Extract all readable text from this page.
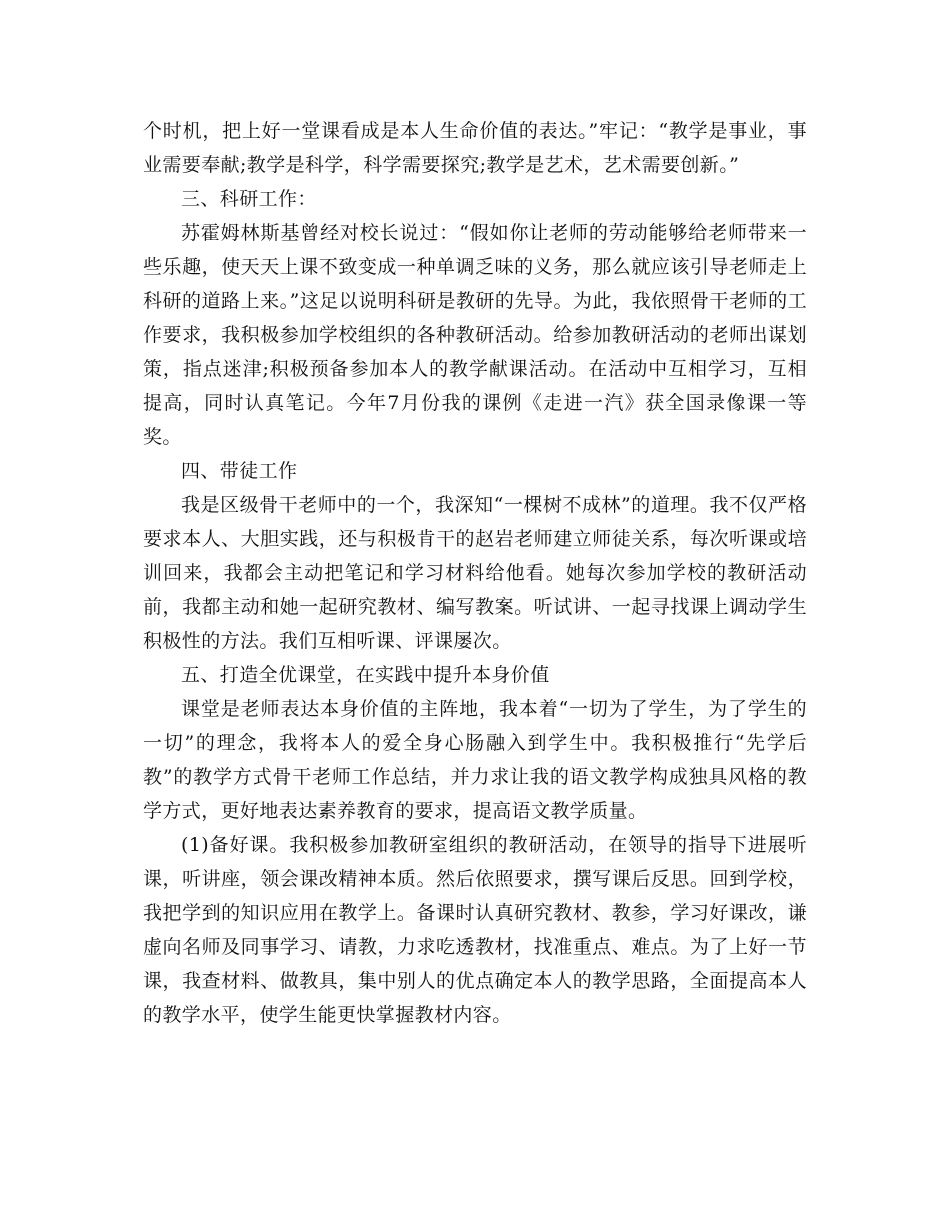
个时机，把上好一堂课看成是本人生命价值的表达。”牢记：“教学是事业，事业需要奉献;教学是科学，科学需要探究;教学是艺术，艺术需要创新。”

三、科研工作：

苏霍姆林斯基曾经对校长说过：“假如你让老师的劳动能够给老师带来一些乐趣，使天天上课不致变成一种单调乏味的义务，那么就应该引导老师走上科研的道路上来。”这足以说明科研是教研的先导。为此，我依照骨干老师的工作要求，我积极参加学校组织的各种教研活动。给参加教研活动的老师出谋划策，指点迷津;积极预备参加本人的教学献课活动。在活动中互相学习，互相提高，同时认真笔记。今年7月份我的课例《走进一汽》获全国录像课一等奖。

四、带徒工作

我是区级骨干老师中的一个，我深知“一棵树不成林”的道理。我不仅严格要求本人、大胆实践，还与积极肯干的赵岩老师建立师徒关系，每次听课或培训回来，我都会主动把笔记和学习材料给他看。她每次参加学校的教研活动前，我都主动和她一起研究教材、编写教案。听试讲、一起寻找课上调动学生积极性的方法。我们互相听课、评课屡次。

五、打造全优课堂，在实践中提升本身价值

课堂是老师表达本身价值的主阵地，我本着“一切为了学生，为了学生的一切”的理念，我将本人的爱全身心肠融入到学生中。我积极推行“先学后教”的教学方式骨干老师工作总结，并力求让我的语文教学构成独具风格的教学方式，更好地表达素养教育的要求，提高语文教学质量。

(1)备好课。我积极参加教研室组织的教研活动，在领导的指导下进展听课，听讲座，领会课改精神本质。然后依照要求，撰写课后反思。回到学校，我把学到的知识应用在教学上。备课时认真研究教材、教参，学习好课改，谦虚向名师及同事学习、请教，力求吃透教材，找准重点、难点。为了上好一节课，我查材料、做教具，集中别人的优点确定本人的教学思路，全面提高本人的教学水平，使学生能更快掌握教材内容。
